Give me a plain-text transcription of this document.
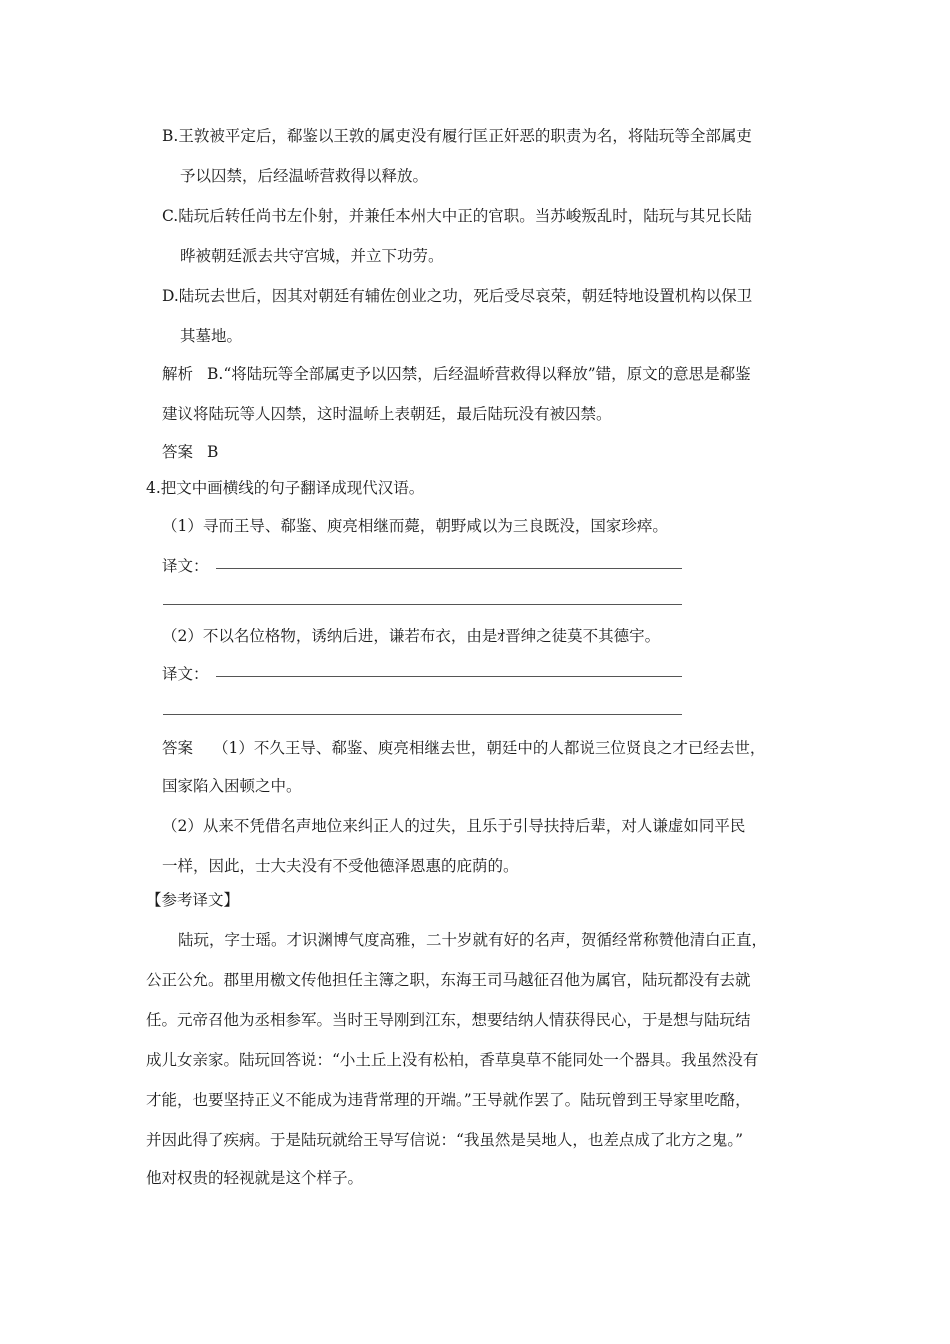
B.王敦被平定后，郗鉴以王敦的属吏没有履行匡正奸恶的职责为名，将陆玩等全部属吏
予以囚禁，后经温峤营救得以释放。
C.陆玩后转任尚书左仆射，并兼任本州大中正的官职。当苏峻叛乱时，陆玩与其兄长陆
晔被朝廷派去共守宫城，并立下功劳。
D.陆玩去世后，因其对朝廷有辅佐创业之功，死后受尽哀荣，朝廷特地设置机构以保卫
其墓地。
解析 B.“将陆玩等全部属吏予以囚禁，后经温峤营救得以释放”错，原文的意思是郗鉴
建议将陆玩等人囚禁，这时温峤上表朝廷，最后陆玩没有被囚禁。
答案 B
4.把文中画横线的句子翻译成现代汉语。
（1）寻而王导、郗鉴、庾亮相继而薨，朝野咸以为三良既没，国家珍瘁。
译文：
（2）不以名位格物，诱纳后进，谦若布衣，由是ｵ晋绅之徒莫不其德宇。
译文：
答案 （1）不久王导、郗鉴、庾亮相继去世，朝廷中的人都说三位贤良之才已经去世，
国家陷入困顿之中。
（2）从来不凭借名声地位来纠正人的过失，且乐于引导扶持后辈，对人谦虚如同平民
一样，因此，士大夫没有不受他德泽恩惠的庇荫的。
【参考译文】
陆玩，字士瑶。才识渊博气度高雅，二十岁就有好的名声，贺循经常称赞他清白正直，
公正公允。郡里用檄文传他担任主簿之职，东海王司马越征召他为属官，陆玩都没有去就
任。元帝召他为丞相参军。当时王导刚到江东，想要结纳人情获得民心，于是想与陆玩结
成儿女亲家。陆玩回答说：“小土丘上没有松柏，香草臭草不能同处一个器具。我虽然没有
才能，也要坚持正义不能成为违背常理的开端。”王导就作罢了。陆玩曾到王导家里吃酪，
并因此得了疾病。于是陆玩就给王导写信说：“我虽然是吴地人，也差点成了北方之鬼。”
他对权贵的轻视就是这个样子。
